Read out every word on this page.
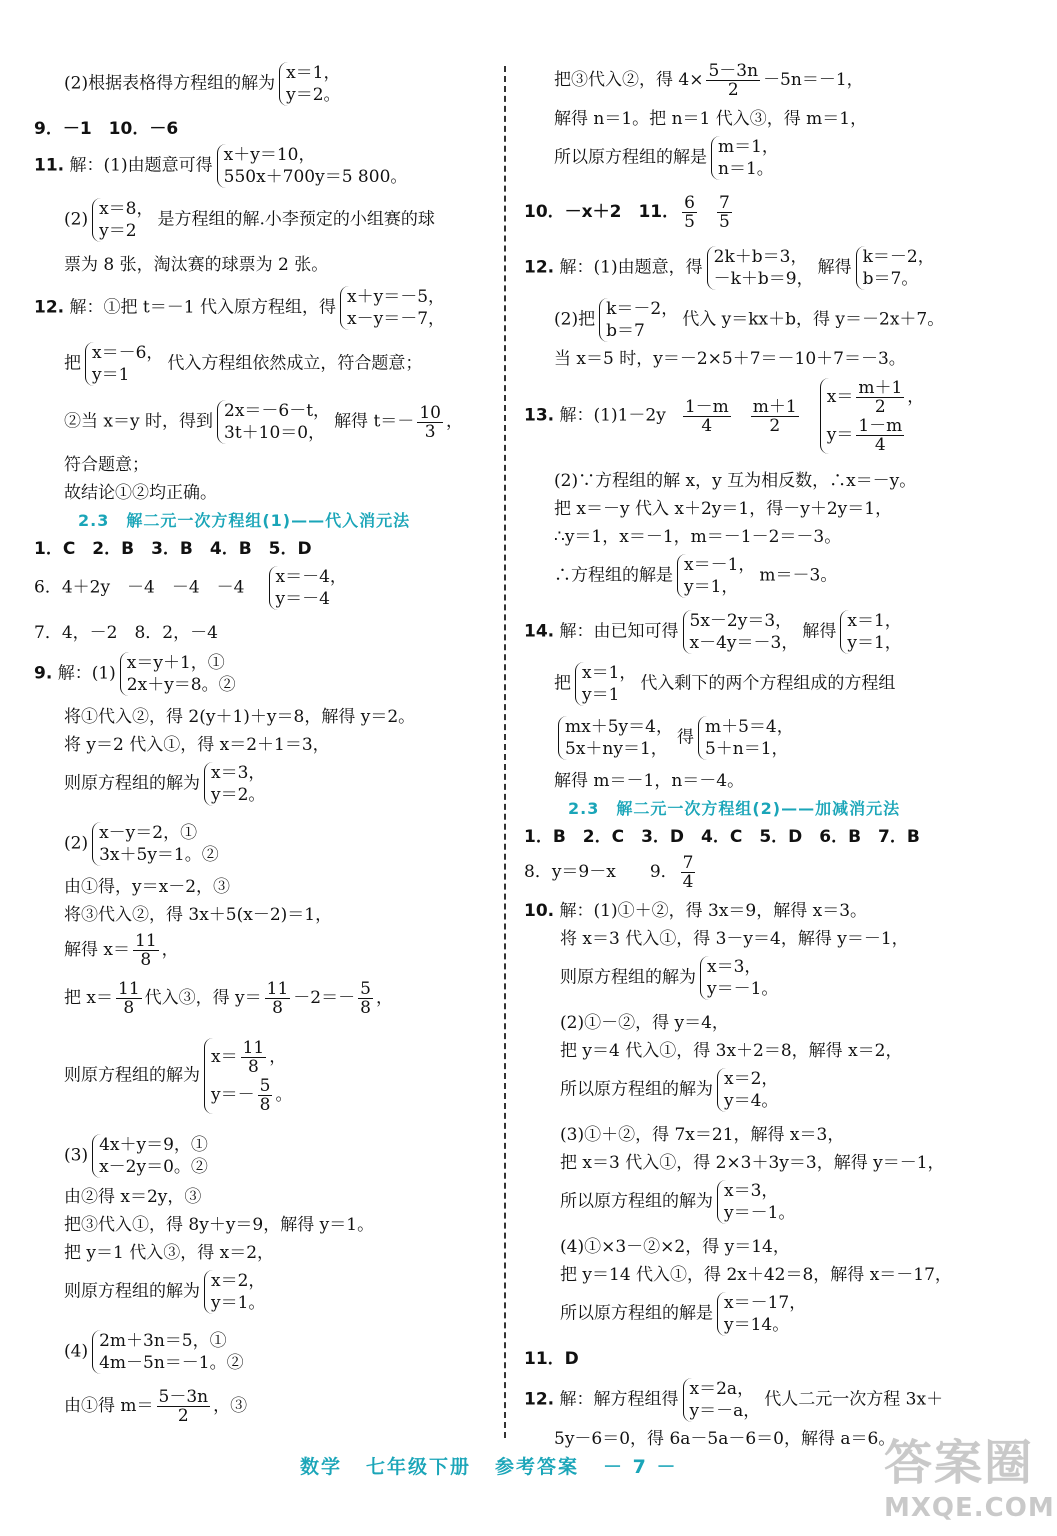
(2)根据表格得方程组的解为
x＝1，
y＝2。
9．－1　10．－6
11. 解：(1)由题意可得
x＋y＝10，
550x＋700y＝5 800。
(2)
x＝8，
y＝2
是方程组的解.小李预定的小组赛的球
票为 8 张，淘汰赛的球票为 2 张。
12. 解：①把 t＝－1 代入原方程组，得
x＋y＝－5，
x－y＝－7，
把
x＝－6，
y＝1
代入方程组依然成立，符合题意；
②当 x＝y 时，得到
2x＝－6－t，
3t＋10＝0，
解得 $t=- \frac{10}{3}$ ，
符合题意；
故结论①②均正确。
2.3　解二元一次方程组(1)——代入消元法
1．C　2．B　3．B　4．B　5．D
6．4＋2y　－4　－4　－4
x＝－4，
y＝－4
7．4，－2　8．2，－4
9. 解：(1)
x＝y＋1，①
2x＋y＝8。②
将①代入②，得 2(y＋1)＋y＝8，解得 y＝2。
将 y＝2 代入①，得 x＝2＋1＝3，
则原方程组的解为
x＝3，
y＝2。
(2)
x－y＝2，①
3x＋5y＝1。②
由①得，y＝x－2，③
将③代入②，得 3x＋5(x－2)＝1，
解得 $x= \frac{11}{8}$ ，
把 $x= \frac{11}{8}$ 代入③，得 $y= \frac{11}{8} -2=- \frac{5}{8}$ ，
则原方程组的解为
$x= \frac{11}{8}$ ，
$y=- \frac{5}{8}$ 。
(3)
4x＋y＝9，①
x－2y＝0。②
由②得 x＝2y，③
把③代入①，得 8y＋y＝9，解得 y＝1。
把 y＝1 代入③，得 x＝2，
则原方程组的解为
x＝2，
y＝1。
(4)
2m＋3n＝5，①
4m－5n＝－1。②
由①得 $m= \frac{5-3n}{2}$ ，③
把③代入②，得 $4\times \frac{5-3n}{2} -5n=-1$，
解得 n＝1。把 n＝1 代入③，得 m＝1，
所以原方程组的解是
m＝1，
n＝1。
10．－x＋2　11． $\frac{6}{5} \frac{7}{5}$
12. 解：(1)由题意，得
2k＋b＝3，
－k＋b＝9，
解得
k＝－2，
b＝7。
(2)把
k＝－2，
b＝7
代入 y＝kx＋b，得 y＝－2x＋7。
当 x＝5 时，y＝－2×5＋7＝－10＋7＝－3。
13. 解：$(1)1-2y \frac{1-m}{4} \frac{m+1}{2}$
$x= \frac{m+1}{2}$ ，
$y= \frac{1-m}{4}$
(2)∵方程组的解 x，y 互为相反数，∴x＝－y。
把 x＝－y 代入 x＋2y＝1，得－y＋2y＝1，
∴y＝1，x＝－1，m＝－1－2＝－3。
∴方程组的解是
x＝－1，
y＝1，
m＝－3。
14. 解：由已知可得
5x－2y＝3，
x－4y＝－3，
解得
x＝1，
y＝1，
把
x＝1，
y＝1
代入剩下的两个方程组成的方程组
mx＋5y＝4，
5x＋ny＝1，
得
m＋5＝4，
5＋n＝1，
解得 m＝－1，n＝－4。
2.3　解二元一次方程组(2)——加减消元法
1．B　2．C　3．D　4．C　5．D　6．B　7．B
8．y＝9－x　　9． $\frac{7}{4}$
10. 解：(1)①＋②，得 3x＝9，解得 x＝3。
将 x＝3 代入①，得 3－y＝4，解得 y＝－1，
则原方程组的解为
x＝3，
y＝－1。
(2)①－②，得 y＝4，
把 y＝4 代入①，得 3x＋2＝8，解得 x＝2，
所以原方程组的解为
x＝2，
y＝4。
(3)①＋②，得 7x＝21，解得 x＝3，
把 x＝3 代入①，得 2×3＋3y＝3，解得 y＝－1，
所以原方程组的解为
x＝3，
y＝－1。
(4)①×3－②×2，得 y＝14，
把 y＝14 代入①，得 2x＋42＝8，解得 x＝－17，
所以原方程组的解是
x＝－17，
y＝14。
11．D
12. 解：解方程组得
x＝2a，
y＝－a，
代人二元一次方程 3x＋
5y－6＝0，得 6a－5a－6＝0，解得 a＝6。
数学 七年级下册 参考答案 － 7 －	答案圈
MXQE.COM
